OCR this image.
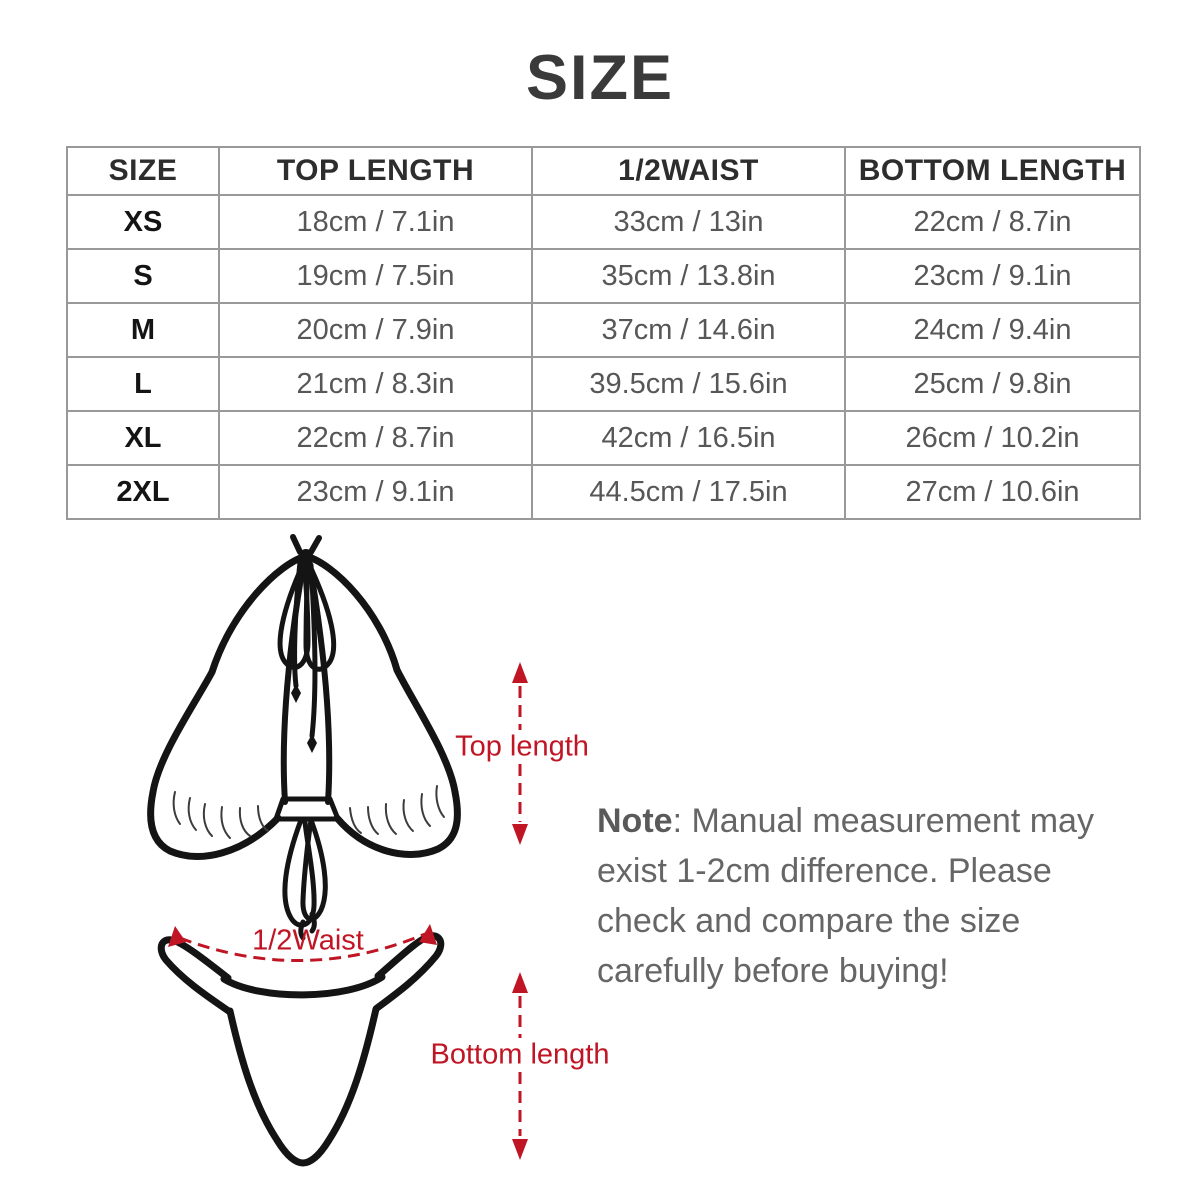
SIZE
SIZE	TOP LENGTH	1/2WAIST	BOTTOM LENGTH
XS	18cm / 7.1in	33cm / 13in	22cm / 8.7in
S	19cm / 7.5in	35cm / 13.8in	23cm / 9.1in
M	20cm / 7.9in	37cm / 14.6in	24cm / 9.4in
L	21cm / 8.3in	39.5cm / 15.6in	25cm / 9.8in
XL	22cm / 8.7in	42cm / 16.5in	26cm / 10.2in
2XL	23cm / 9.1in	44.5cm / 17.5in	27cm / 10.6in
Top length
1/2Waist
Bottom length
Note: Manual measurement may
exist 1-2cm difference. Please
check and compare the size
carefully before buying!
